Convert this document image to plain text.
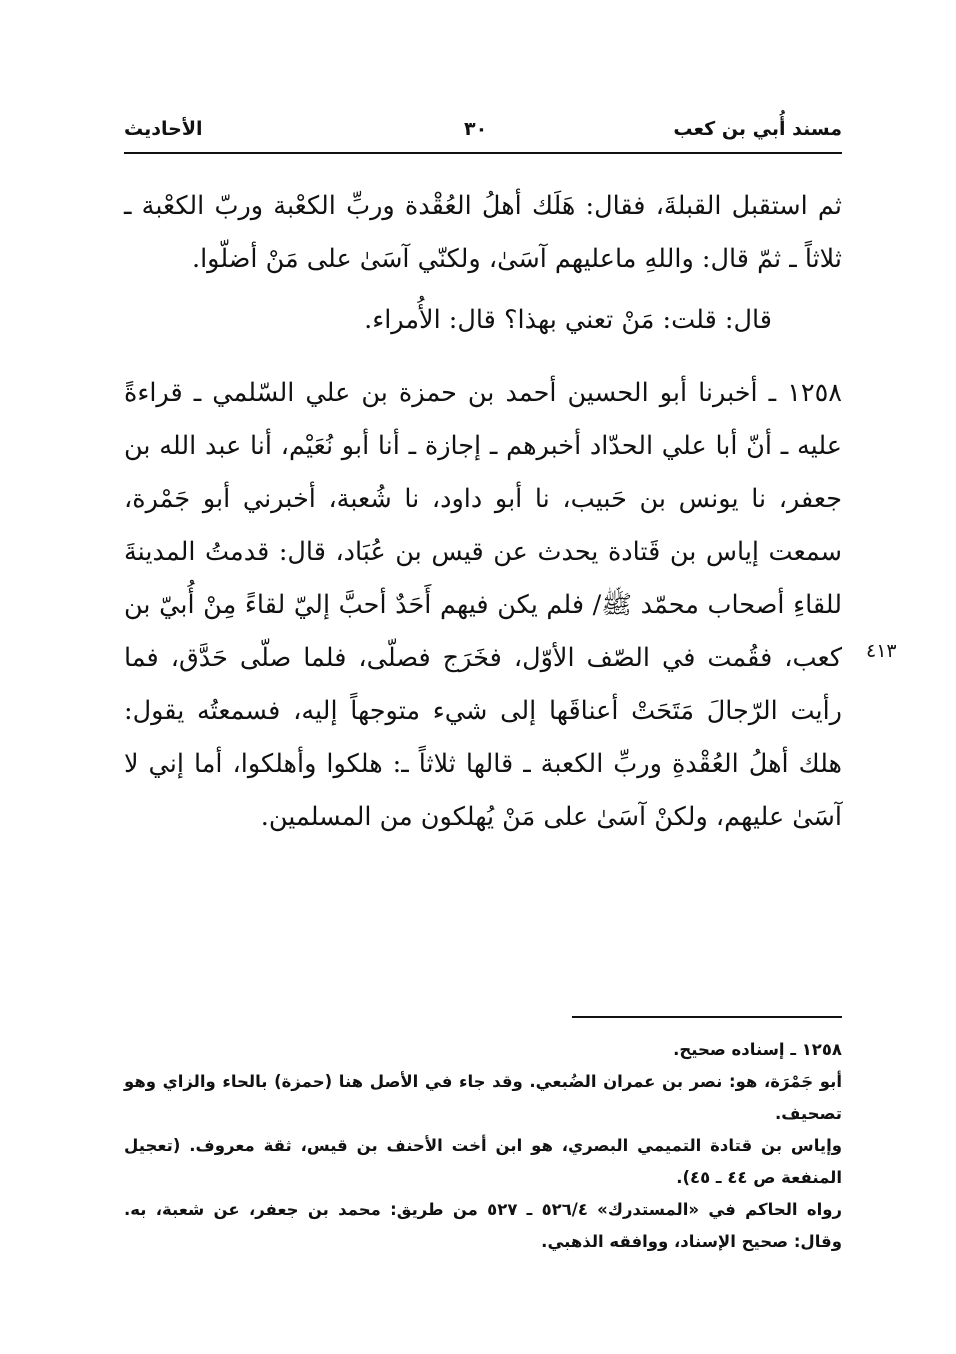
مسند أُبي بن كعب
٣٠
الأحاديث

ثم استقبل القبلةَ، فقال: هَلَك أهلُ العُقْدة وربِّ الكعْبة وربّ الكعْبة ـ ثلاثاً ـ ثمّ قال: واللهِ ماعليهم آسَىٰ، ولكنّي آسَىٰ على مَنْ أضلّوا.

قال: قلت: مَنْ تعني بهذا؟ قال: الأُمراء.

١٢٥٨ ـ أخبرنا أبو الحسين أحمد بن حمزة بن علي السّلمي ـ قراءةً عليه ـ أنّ أبا علي الحدّاد أخبرهم ـ إجازة ـ أنا أبو نُعَيْم، أنا عبد الله بن جعفر، نا يونس بن حَبيب، نا أبو داود، نا شُعبة، أخبرني أبو جَمْرة، سمعت إياس بن قَتادة يحدث عن قيس بن عُبَاد، قال: قدمتُ المدينةَ للقاءِ أصحاب محمّد ﷺ/ فلم يكن فيهم أَحَدٌ أحبَّ إليّ لقاءً مِنْ أُبيّ بن كعب، فقُمت في الصّف الأوّل، فخَرَج فصلّى، فلما صلّى حَدَّق، فما رأيت الرّجالَ مَتَحَتْ أعناقَها إلى شيء متوجهاً إليه، فسمعتُه يقول: هلك أهلُ العُقْدةِ وربِّ الكعبة ـ قالها ثلاثاً ـ: هلكوا وأهلكوا، أما إني لا آسَىٰ عليهم، ولكنْ آسَىٰ على مَنْ يُهلكون من المسلمين.

٤١٣

١٢٥٨ ـ إسناده صحيح.

أبو جَمْرَة، هو: نصر بن عمران الضُبعي. وقد جاء في الأصل هنا (حمزة) بالحاء والزاي وهو تصحيف.

وإياس بن قتادة التميمي البصري، هو ابن أخت الأحنف بن قيس، ثقة معروف. (تعجيل المنفعة ص ٤٤ ـ ٤٥).

رواه الحاكم في «المستدرك» ٥٢٦/٤ ـ ٥٢٧ من طريق: محمد بن جعفر، عن شعبة، به. وقال: صحيح الإسناد، ووافقه الذهبي.
